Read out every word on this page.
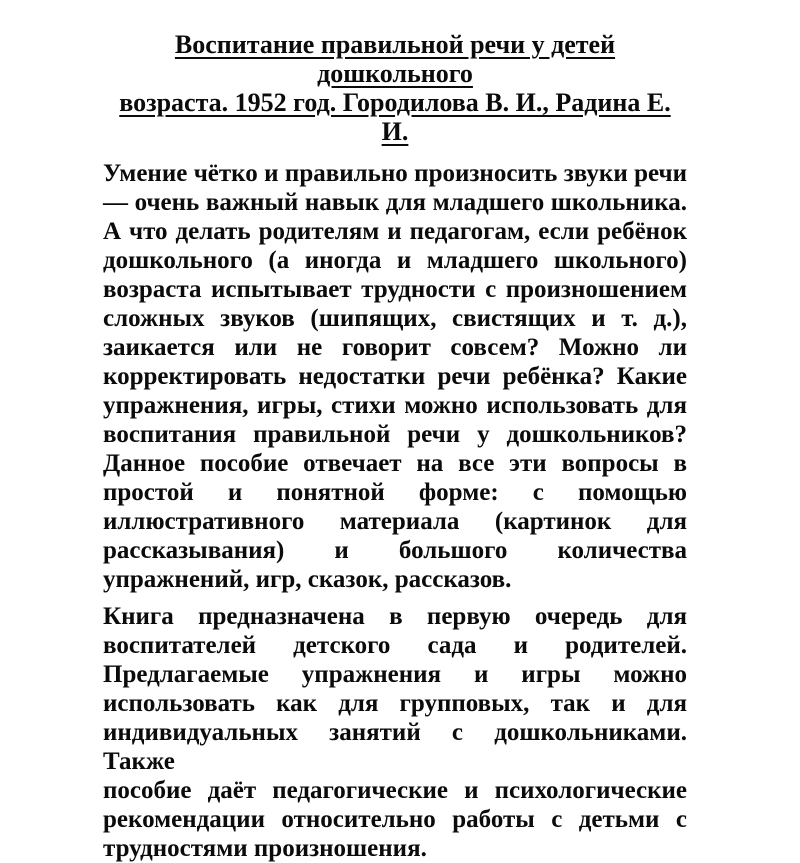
Воспитание правильной речи у детей дошкольного
возраста. 1952 год. Городилова В. И., Радина Е. И.
Умение чётко и правильно произносить звуки речи
— очень важный навык для младшего школьника.
А что делать родителям и педагогам, если ребёнок
дошкольного (а иногда и младшего школьного)
возраста испытывает трудности с произношением
сложных звуков (шипящих, свистящих и т. д.),
заикается или не говорит совсем? Можно ли
корректировать недостатки речи ребёнка? Какие
упражнения, игры, стихи можно использовать для
воспитания правильной речи у дошкольников?
Данное пособие отвечает на все эти вопросы в
простой и понятной форме: с помощью
иллюстративного материала (картинок для
рассказывания) и большого количества
упражнений, игр, сказок, рассказов.
Книга предназначена в первую очередь для
воспитателей детского сада и родителей.
Предлагаемые упражнения и игры можно
использовать как для групповых, так и для
индивидуальных занятий с дошкольниками. Также
пособие даёт педагогические и психологические
рекомендации относительно работы с детьми с
трудностями произношения.
